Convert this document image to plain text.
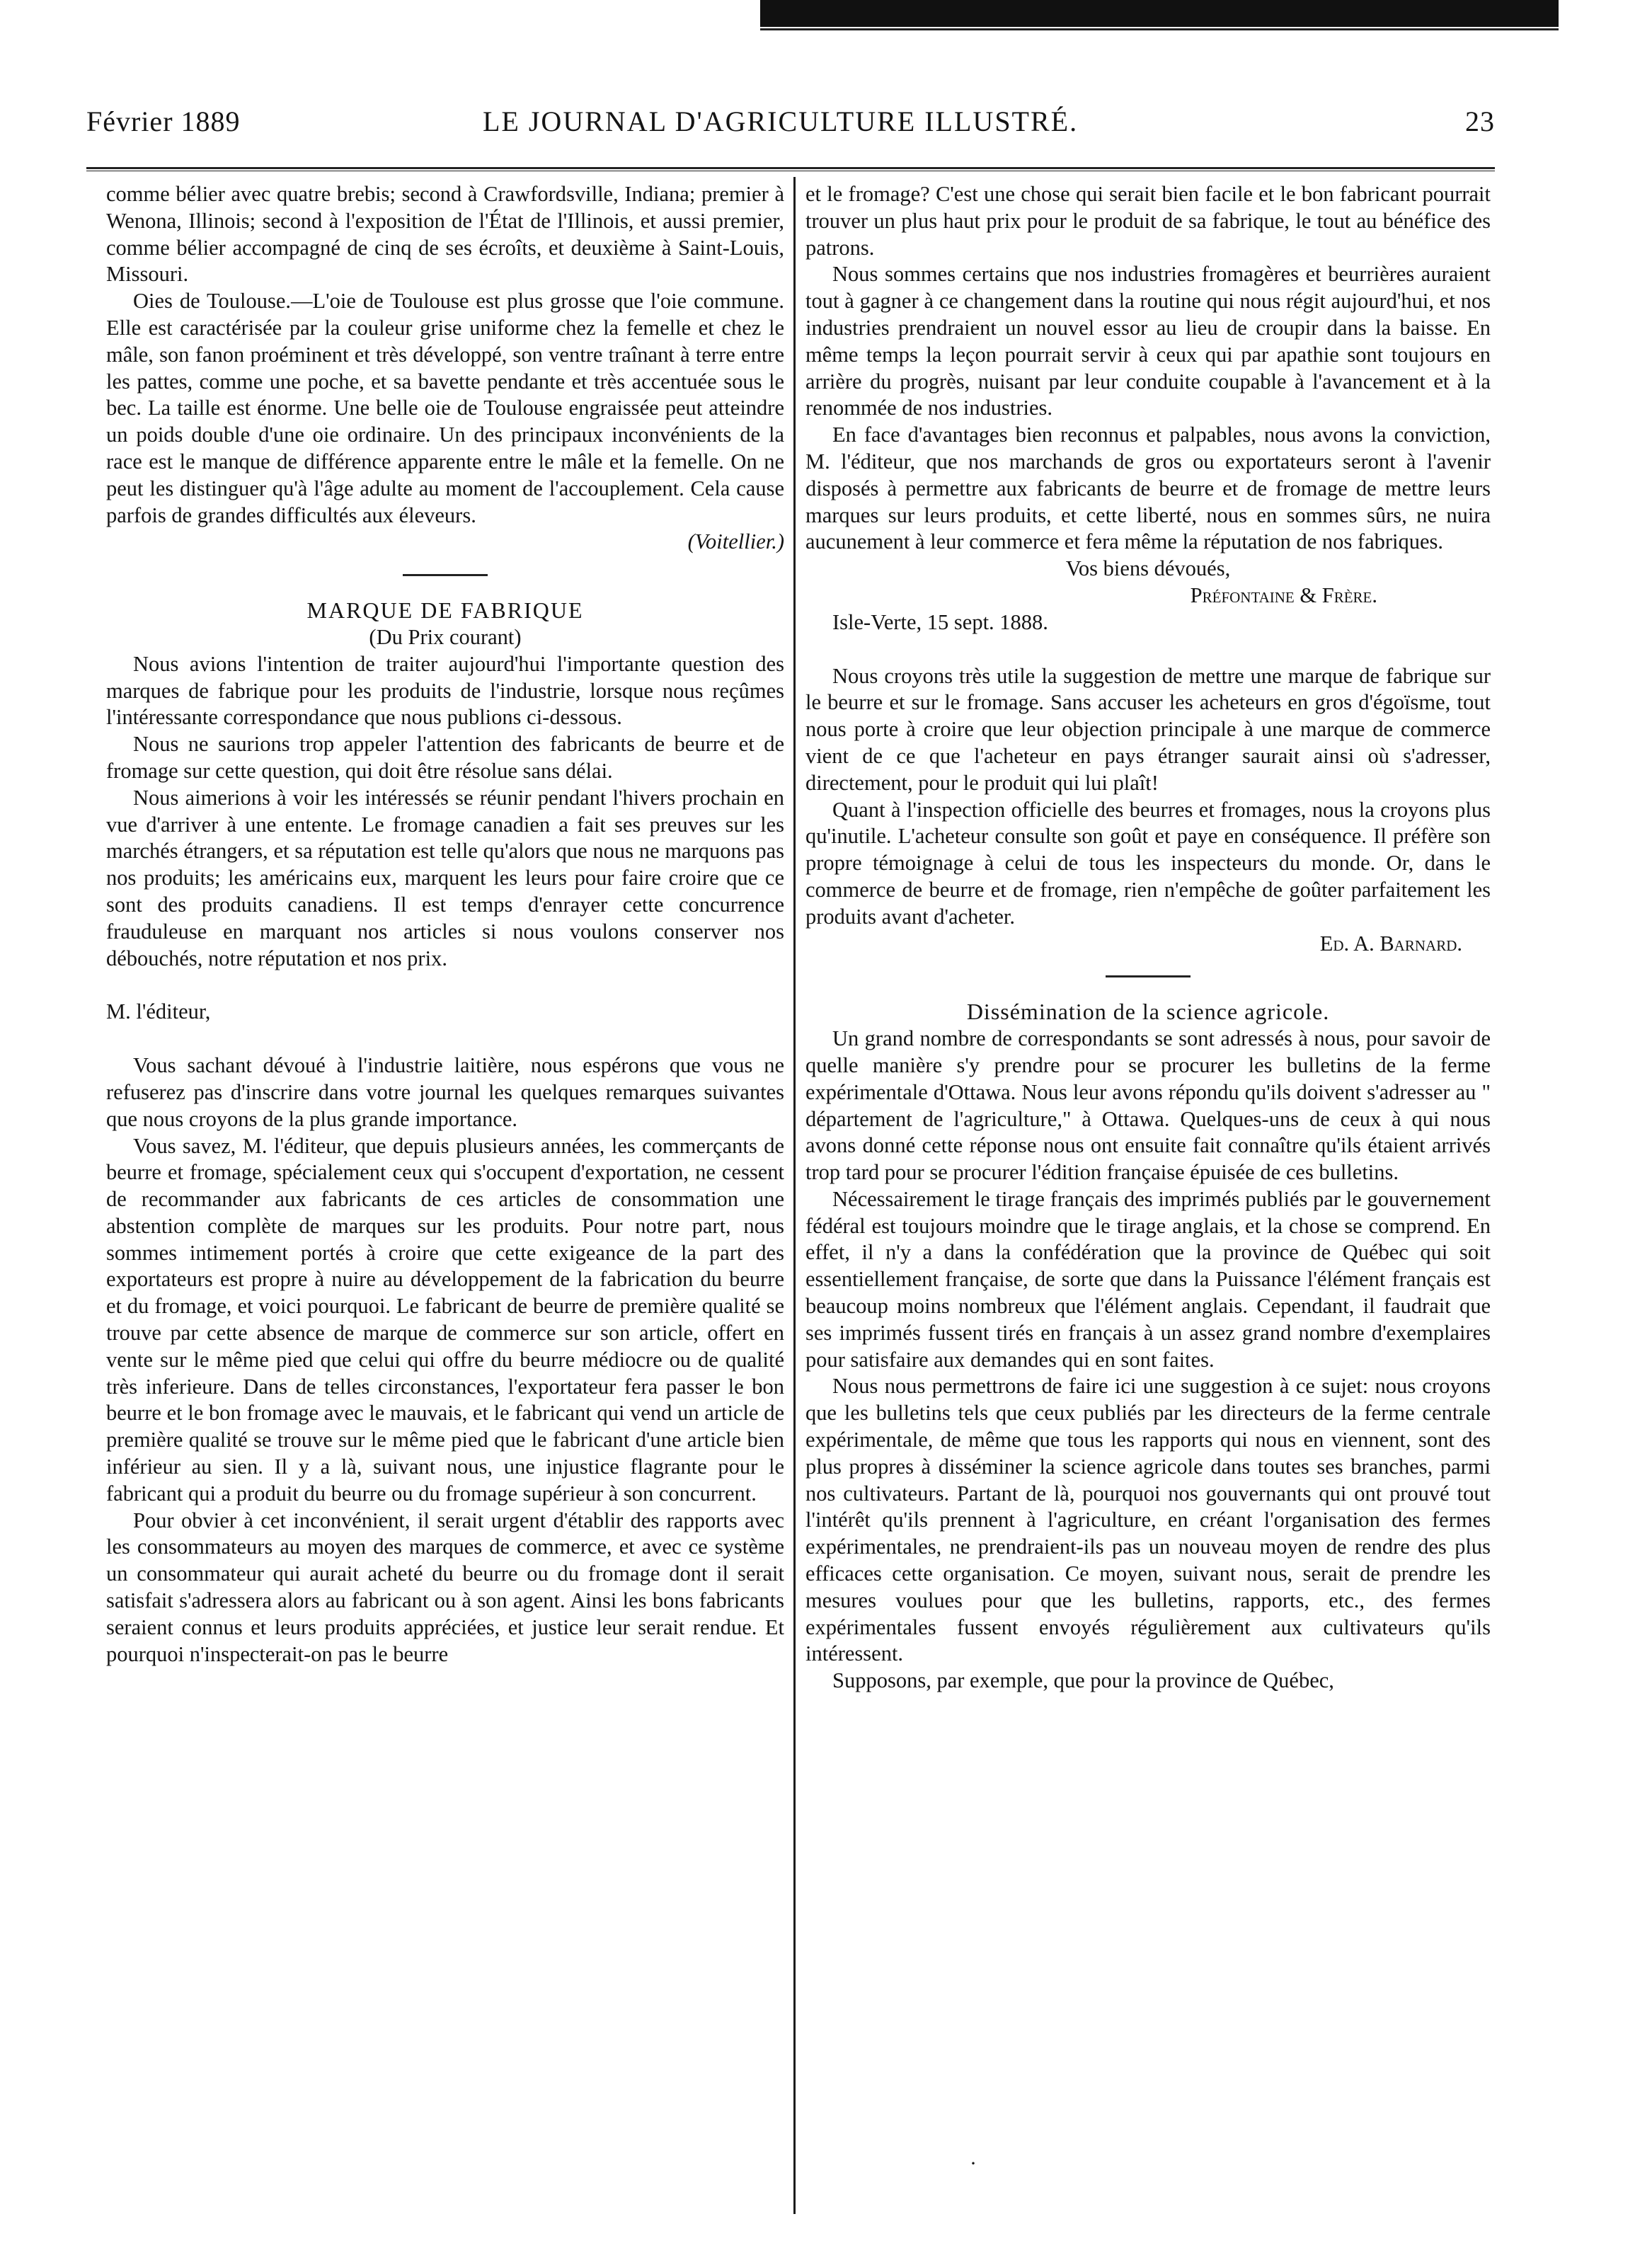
Février 1889	LE JOURNAL D'AGRICULTURE ILLUSTRÉ.	23

comme bélier avec quatre brebis; second à Crawfordsville, Indiana; premier à Wenona, Illinois; second à l'exposition de l'État de l'Illinois, et aussi premier, comme bélier accompagné de cinq de ses écroîts, et deuxième à Saint-Louis, Missouri.

Oies de Toulouse.—L'oie de Toulouse est plus grosse que l'oie commune. Elle est caractérisée par la couleur grise uniforme chez la femelle et chez le mâle, son fanon proéminent et très développé, son ventre traînant à terre entre les pattes, comme une poche, et sa bavette pendante et très accentuée sous le bec. La taille est énorme. Une belle oie de Toulouse engraissée peut atteindre un poids double d'une oie ordinaire. Un des principaux inconvénients de la race est le manque de différence apparente entre le mâle et la femelle. On ne peut les distinguer qu'à l'âge adulte au moment de l'accouplement. Cela cause parfois de grandes difficultés aux éleveurs.

(Voitellier.)

MARQUE DE FABRIQUE

(Du Prix courant)

Nous avions l'intention de traiter aujourd'hui l'importante question des marques de fabrique pour les produits de l'industrie, lorsque nous reçûmes l'intéressante correspondance que nous publions ci-dessous.

Nous ne saurions trop appeler l'attention des fabricants de beurre et de fromage sur cette question, qui doit être résolue sans délai.

Nous aimerions à voir les intéressés se réunir pendant l'hivers prochain en vue d'arriver à une entente. Le fromage canadien a fait ses preuves sur les marchés étrangers, et sa réputation est telle qu'alors que nous ne marquons pas nos produits; les américains eux, marquent les leurs pour faire croire que ce sont des produits canadiens. Il est temps d'enrayer cette concurrence frauduleuse en marquant nos articles si nous voulons conserver nos débouchés, notre réputation et nos prix.

M. l'éditeur,

Vous sachant dévoué à l'industrie laitière, nous espérons que vous ne refuserez pas d'inscrire dans votre journal les quelques remarques suivantes que nous croyons de la plus grande importance.

Vous savez, M. l'éditeur, que depuis plusieurs années, les commerçants de beurre et fromage, spécialement ceux qui s'occupent d'exportation, ne cessent de recommander aux fabricants de ces articles de consommation une abstention complète de marques sur les produits. Pour notre part, nous sommes intimement portés à croire que cette exigeance de la part des exportateurs est propre à nuire au développement de la fabrication du beurre et du fromage, et voici pourquoi. Le fabricant de beurre de première qualité se trouve par cette absence de marque de commerce sur son article, offert en vente sur le même pied que celui qui offre du beurre médiocre ou de qualité très inferieure. Dans de telles circonstances, l'exportateur fera passer le bon beurre et le bon fromage avec le mauvais, et le fabricant qui vend un article de première qualité se trouve sur le même pied que le fabricant d'une article bien inférieur au sien. Il y a là, suivant nous, une injustice flagrante pour le fabricant qui a produit du beurre ou du fromage supérieur à son concurrent.

Pour obvier à cet inconvénient, il serait urgent d'établir des rapports avec les consommateurs au moyen des marques de commerce, et avec ce système un consommateur qui aurait acheté du beurre ou du fromage dont il serait satisfait s'adressera alors au fabricant ou à son agent. Ainsi les bons fabricants seraient connus et leurs produits appréciées, et justice leur serait rendue. Et pourquoi n'inspecterait-on pas le beurre

et le fromage? C'est une chose qui serait bien facile et le bon fabricant pourrait trouver un plus haut prix pour le produit de sa fabrique, le tout au bénéfice des patrons.

Nous sommes certains que nos industries fromagères et beurrières auraient tout à gagner à ce changement dans la routine qui nous régit aujourd'hui, et nos industries prendraient un nouvel essor au lieu de croupir dans la baisse. En même temps la leçon pourrait servir à ceux qui par apathie sont toujours en arrière du progrès, nuisant par leur conduite coupable à l'avancement et à la renommée de nos industries.

En face d'avantages bien reconnus et palpables, nous avons la conviction, M. l'éditeur, que nos marchands de gros ou exportateurs seront à l'avenir disposés à permettre aux fabricants de beurre et de fromage de mettre leurs marques sur leurs produits, et cette liberté, nous en sommes sûrs, ne nuira aucunement à leur commerce et fera même la réputation de nos fabriques.

Vos biens dévoués,

Préfontaine & Frère.

Isle-Verte, 15 sept. 1888.

Nous croyons très utile la suggestion de mettre une marque de fabrique sur le beurre et sur le fromage. Sans accuser les acheteurs en gros d'égoïsme, tout nous porte à croire que leur objection principale à une marque de commerce vient de ce que l'acheteur en pays étranger saurait ainsi où s'adresser, directement, pour le produit qui lui plaît!

Quant à l'inspection officielle des beurres et fromages, nous la croyons plus qu'inutile. L'acheteur consulte son goût et paye en conséquence. Il préfère son propre témoignage à celui de tous les inspecteurs du monde. Or, dans le commerce de beurre et de fromage, rien n'empêche de goûter parfaitement les produits avant d'acheter.

Ed. A. Barnard.

Dissémination de la science agricole.

Un grand nombre de correspondants se sont adressés à nous, pour savoir de quelle manière s'y prendre pour se procurer les bulletins de la ferme expérimentale d'Ottawa. Nous leur avons répondu qu'ils doivent s'adresser au " département de l'agriculture," à Ottawa. Quelques-uns de ceux à qui nous avons donné cette réponse nous ont ensuite fait connaître qu'ils étaient arrivés trop tard pour se procurer l'édition française épuisée de ces bulletins.

Nécessairement le tirage français des imprimés publiés par le gouvernement fédéral est toujours moindre que le tirage anglais, et la chose se comprend. En effet, il n'y a dans la confédération que la province de Québec qui soit essentiellement française, de sorte que dans la Puissance l'élément français est beaucoup moins nombreux que l'élément anglais. Cependant, il faudrait que ses imprimés fussent tirés en français à un assez grand nombre d'exemplaires pour satisfaire aux demandes qui en sont faites.

Nous nous permettrons de faire ici une suggestion à ce sujet: nous croyons que les bulletins tels que ceux publiés par les directeurs de la ferme centrale expérimentale, de même que tous les rapports qui nous en viennent, sont des plus propres à disséminer la science agricole dans toutes ses branches, parmi nos cultivateurs. Partant de là, pourquoi nos gouvernants qui ont prouvé tout l'intérêt qu'ils prennent à l'agriculture, en créant l'organisation des fermes expérimentales, ne prendraient-ils pas un nouveau moyen de rendre des plus efficaces cette organisation. Ce moyen, suivant nous, serait de prendre les mesures voulues pour que les bulletins, rapports, etc., des fermes expérimentales fussent envoyés régulièrement aux cultivateurs qu'ils intéressent.

Supposons, par exemple, que pour la province de Québec,

·
